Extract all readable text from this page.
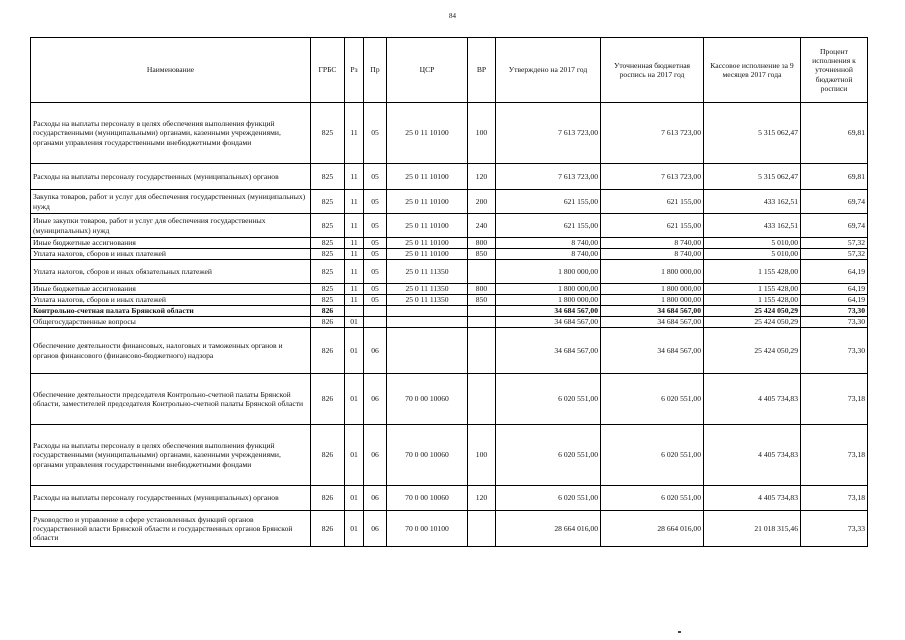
84
Наименование	ГРБС	Рз	Пр	ЦСР	ВР	Утверждено на 2017 год	Уточненная бюджетная роспись на 2017 год	Кассовое исполнение за 9 месяцев 2017 года	Процент исполнения к уточненной бюджетной росписи
Расходы на выплаты персоналу в целях обеспечения выполнения функций государственными (муниципальными) органами, казенными учреждениями, органами управления государственными внебюджетными фондами	825	11	05	25 0 11 10100	100	7 613 723,00	7 613 723,00	5 315 062,47	69,81
Расходы на выплаты персоналу государственных (муниципальных) органов	825	11	05	25 0 11 10100	120	7 613 723,00	7 613 723,00	5 315 062,47	69,81
Закупка товаров, работ и услуг для обеспечения государственных (муниципальных) нужд	825	11	05	25 0 11 10100	200	621 155,00	621 155,00	433 162,51	69,74
Иные закупки товаров, работ и услуг для обеспечения государственных (муниципальных) нужд	825	11	05	25 0 11 10100	240	621 155,00	621 155,00	433 162,51	69,74
Иные бюджетные ассигнования	825	11	05	25 0 11 10100	800	8 740,00	8 740,00	5 010,00	57,32
Уплата налогов, сборов и иных платежей	825	11	05	25 0 11 10100	850	8 740,00	8 740,00	5 010,00	57,32
Уплата налогов, сборов и иных обязательных платежей	825	11	05	25 0 11 11350		1 800 000,00	1 800 000,00	1 155 428,00	64,19
Иные бюджетные ассигнования	825	11	05	25 0 11 11350	800	1 800 000,00	1 800 000,00	1 155 428,00	64,19
Уплата налогов, сборов и иных платежей	825	11	05	25 0 11 11350	850	1 800 000,00	1 800 000,00	1 155 428,00	64,19
Контрольно-счетная палата Брянской области	826					34 684 567,00	34 684 567,00	25 424 050,29	73,30
Общегосударственные вопросы	826	01				34 684 567,00	34 684 567,00	25 424 050,29	73,30
Обеспечение деятельности финансовых, налоговых и таможенных органов и органов финансового (финансово-бюджетного) надзора	826	01	06			34 684 567,00	34 684 567,00	25 424 050,29	73,30
Обеспечение деятельности председателя Контрольно-счетной палаты Брянской области, заместителей председателя Контрольно-счетной палаты Брянской области	826	01	06	70 0 00 10060		6 020 551,00	6 020 551,00	4 405 734,83	73,18
Расходы на выплаты персоналу в целях обеспечения выполнения функций государственными (муниципальными) органами, казенными учреждениями, органами управления государственными внебюджетными фондами	826	01	06	70 0 00 10060	100	6 020 551,00	6 020 551,00	4 405 734,83	73,18
Расходы на выплаты персоналу государственных (муниципальных) органов	826	01	06	70 0 00 10060	120	6 020 551,00	6 020 551,00	4 405 734,83	73,18
Руководство и управление в сфере установленных функций органов государственной власти Брянской области и государственных органов Брянской области	826	01	06	70 0 00 10100		28 664 016,00	28 664 016,00	21 018 315,46	73,33
